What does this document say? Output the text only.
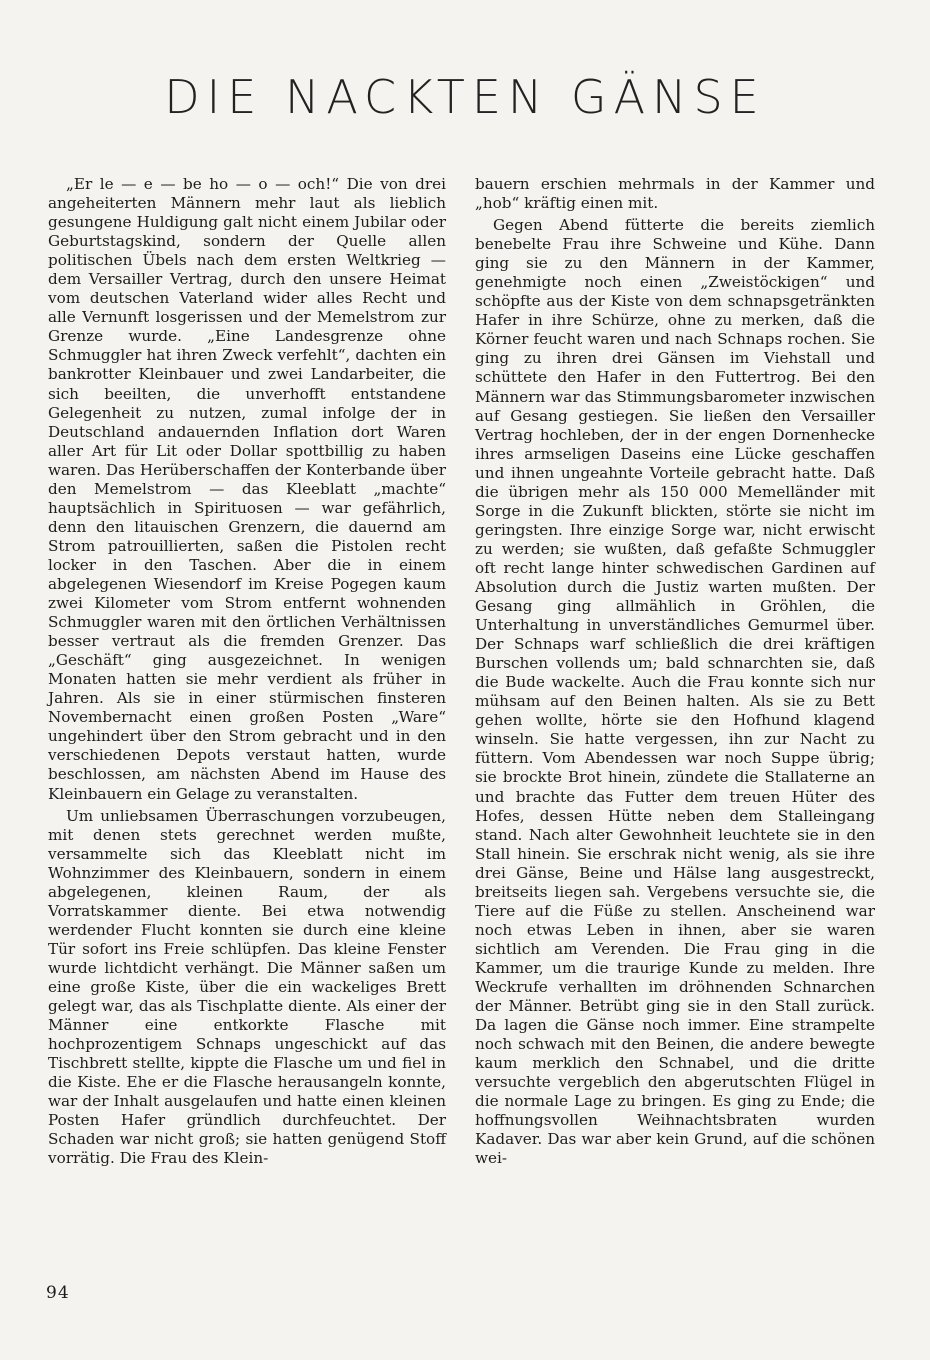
DIE NACKTEN GÄNSE

„Er le — e — be ho — o — och!“ Die von drei angeheiterten Männern mehr laut als lieblich gesungene Huldigung galt nicht einem Jubilar oder Geburtstagskind, sondern der Quelle allen politischen Übels nach dem ersten Weltkrieg — dem Versailler Vertrag, durch den unsere Heimat vom deutschen Vaterland wider alles Recht und alle Vernunft losgerissen und der Memelstrom zur Grenze wurde. „Eine Landesgrenze ohne Schmuggler hat ihren Zweck verfehlt“, dachten ein bankrotter Kleinbauer und zwei Landarbeiter, die sich beeilten, die unverhofft entstandene Gelegenheit zu nutzen, zumal infolge der in Deutschland andauernden Inflation dort Waren aller Art für Lit oder Dollar spottbillig zu haben waren. Das Herüberschaffen der Konterbande über den Memelstrom — das Kleeblatt „machte“ hauptsächlich in Spirituosen — war gefährlich, denn den litauischen Grenzern, die dauernd am Strom patrouillierten, saßen die Pistolen recht locker in den Taschen. Aber die in einem abgelegenen Wiesendorf im Kreise Pogegen kaum zwei Kilometer vom Strom entfernt wohnenden Schmuggler waren mit den örtlichen Verhältnissen besser vertraut als die fremden Grenzer. Das „Geschäft“ ging ausgezeichnet. In wenigen Monaten hatten sie mehr verdient als früher in Jahren. Als sie in einer stürmischen finsteren Novembernacht einen großen Posten „Ware“ ungehindert über den Strom gebracht und in den verschiedenen Depots verstaut hatten, wurde beschlossen, am nächsten Abend im Hause des Kleinbauern ein Gelage zu veranstalten.

Um unliebsamen Überraschungen vorzubeugen, mit denen stets gerechnet werden mußte, versammelte sich das Kleeblatt nicht im Wohnzimmer des Kleinbauern, sondern in einem abgelegenen, kleinen Raum, der als Vorratskammer diente. Bei etwa notwendig werdender Flucht konnten sie durch eine kleine Tür sofort ins Freie schlüpfen. Das kleine Fenster wurde lichtdicht verhängt. Die Männer saßen um eine große Kiste, über die ein wackeliges Brett gelegt war, das als Tischplatte diente. Als einer der Männer eine entkorkte Flasche mit hochprozentigem Schnaps ungeschickt auf das Tischbrett stellte, kippte die Flasche um und fiel in die Kiste. Ehe er die Flasche herausangeln konnte, war der Inhalt ausgelaufen und hatte einen kleinen Posten Hafer gründlich durchfeuchtet. Der Schaden war nicht groß; sie hatten genügend Stoff vorrätig. Die Frau des Klein-

bauern erschien mehrmals in der Kammer und „hob“ kräftig einen mit.

Gegen Abend fütterte die bereits ziemlich benebelte Frau ihre Schweine und Kühe. Dann ging sie zu den Männern in der Kammer, genehmigte noch einen „Zweistöckigen“ und schöpfte aus der Kiste von dem schnapsgetränkten Hafer in ihre Schürze, ohne zu merken, daß die Körner feucht waren und nach Schnaps rochen. Sie ging zu ihren drei Gänsen im Viehstall und schüttete den Hafer in den Futtertrog. Bei den Männern war das Stimmungsbarometer inzwischen auf Gesang gestiegen. Sie ließen den Versailler Vertrag hochleben, der in der engen Dornenhecke ihres armseligen Daseins eine Lücke geschaffen und ihnen ungeahnte Vorteile gebracht hatte. Daß die übrigen mehr als 150 000 Memelländer mit Sorge in die Zukunft blickten, störte sie nicht im geringsten. Ihre einzige Sorge war, nicht erwischt zu werden; sie wußten, daß gefaßte Schmuggler oft recht lange hinter schwedischen Gardinen auf Absolution durch die Justiz warten mußten. Der Gesang ging allmählich in Gröhlen, die Unterhaltung in unverständliches Gemurmel über. Der Schnaps warf schließlich die drei kräftigen Burschen vollends um; bald schnarchten sie, daß die Bude wackelte. Auch die Frau konnte sich nur mühsam auf den Beinen halten. Als sie zu Bett gehen wollte, hörte sie den Hofhund klagend winseln. Sie hatte vergessen, ihn zur Nacht zu füttern. Vom Abendessen war noch Suppe übrig; sie brockte Brot hinein, zündete die Stallaterne an und brachte das Futter dem treuen Hüter des Hofes, dessen Hütte neben dem Stalleingang stand. Nach alter Gewohnheit leuchtete sie in den Stall hinein. Sie erschrak nicht wenig, als sie ihre drei Gänse, Beine und Hälse lang ausgestreckt, breitseits liegen sah. Vergebens versuchte sie, die Tiere auf die Füße zu stellen. Anscheinend war noch etwas Leben in ihnen, aber sie waren sichtlich am Verenden. Die Frau ging in die Kammer, um die traurige Kunde zu melden. Ihre Weckrufe verhallten im dröhnenden Schnarchen der Männer. Betrübt ging sie in den Stall zurück. Da lagen die Gänse noch immer. Eine strampelte noch schwach mit den Beinen, die andere bewegte kaum merklich den Schnabel, und die dritte versuchte vergeblich den abgerutschten Flügel in die normale Lage zu bringen. Es ging zu Ende; die hoffnungsvollen Weihnachtsbraten wurden Kadaver. Das war aber kein Grund, auf die schönen wei-

94
